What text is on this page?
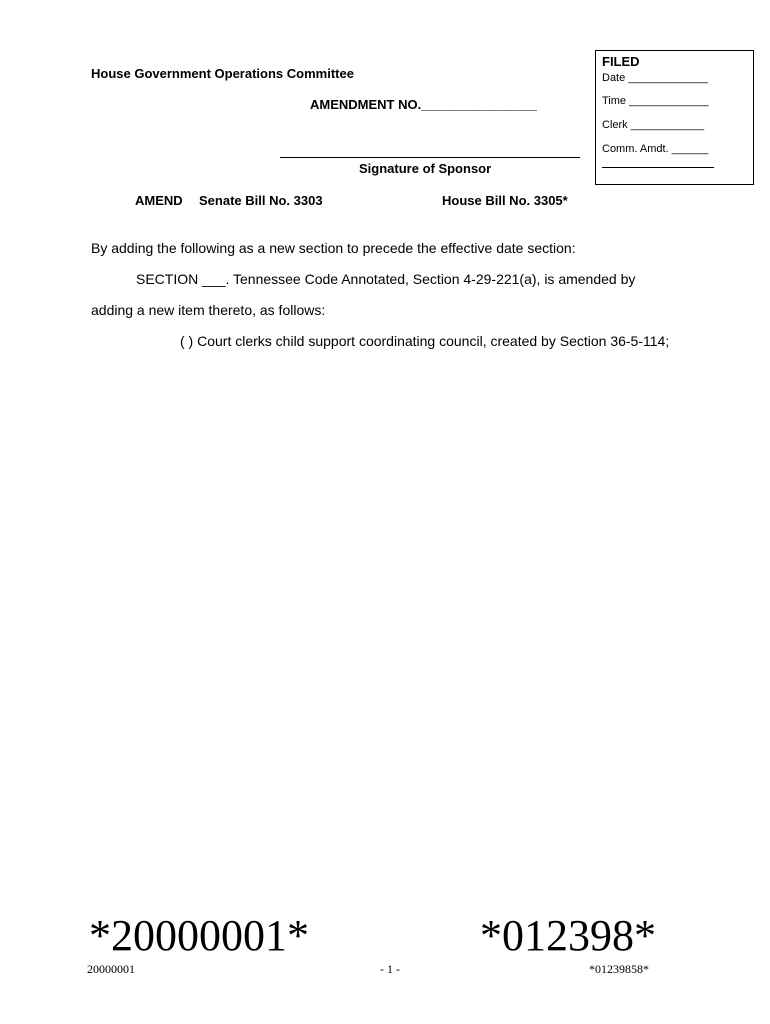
FILED
Date _____________
Time _____________
Clerk ____________
Comm. Amdt. ______
House Government Operations Committee
AMENDMENT NO.________________
Signature of Sponsor
AMEND Senate Bill No. 3303	House Bill No. 3305*
By adding the following as a new section to precede the effective date section:
SECTION ___. Tennessee Code Annotated, Section 4-29-221(a), is amended by
adding a new item thereto, as follows:
( ) Court clerks child support coordinating council, created by Section 36-5-114;
*20000001*	*012398*
20000001	- 1 -	*01239858*
